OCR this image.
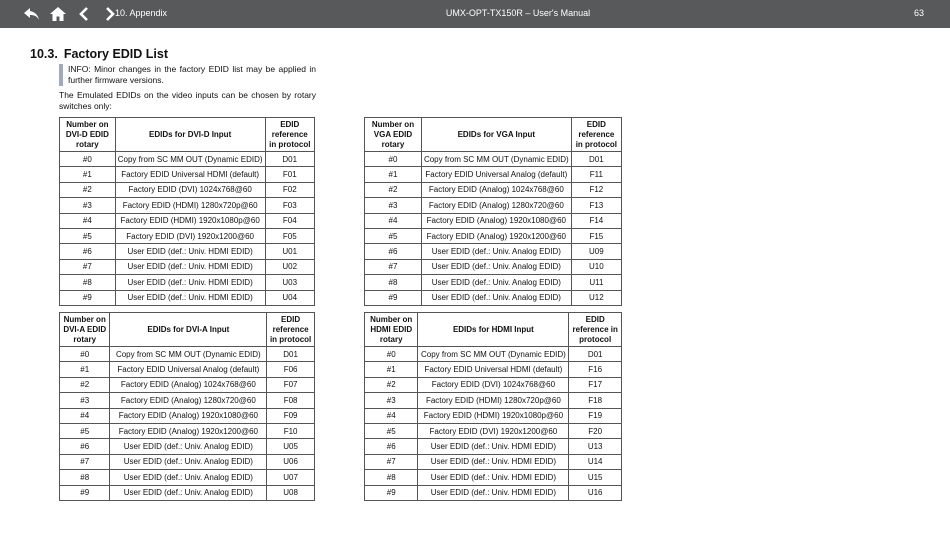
10. Appendix	UMX-OPT-TX150R – User's Manual	63
10.3. Factory EDID List
INFO: Minor changes in the factory EDID list may be applied in further firmware versions.
The Emulated EDIDs on the video inputs can be chosen by rotary switches only:
Number on DVI-D EDID rotary	EDIDs for DVI-D Input	EDID reference in protocol
#0	Copy from SC MM OUT (Dynamic EDID)	D01
#1	Factory EDID Universal HDMI (default)	F01
#2	Factory EDID (DVI) 1024x768@60	F02
#3	Factory EDID (HDMI) 1280x720p@60	F03
#4	Factory EDID (HDMI) 1920x1080p@60	F04
#5	Factory EDID (DVI) 1920x1200@60	F05
#6	User EDID (def.: Univ. HDMI EDID)	U01
#7	User EDID (def.: Univ. HDMI EDID)	U02
#8	User EDID (def.: Univ. HDMI EDID)	U03
#9	User EDID (def.: Univ. HDMI EDID)	U04
Number on VGA EDID rotary	EDIDs for VGA Input	EDID reference in protocol
#0	Copy from SC MM OUT (Dynamic EDID)	D01
#1	Factory EDID Universal Analog (default)	F11
#2	Factory EDID (Analog) 1024x768@60	F12
#3	Factory EDID (Analog) 1280x720@60	F13
#4	Factory EDID (Analog) 1920x1080@60	F14
#5	Factory EDID (Analog) 1920x1200@60	F15
#6	User EDID (def.: Univ. Analog EDID)	U09
#7	User EDID (def.: Univ. Analog EDID)	U10
#8	User EDID (def.: Univ. Analog EDID)	U11
#9	User EDID (def.: Univ. Analog EDID)	U12
Number on DVI-A EDID rotary	EDIDs for DVI-A Input	EDID reference in protocol
#0	Copy from SC MM OUT (Dynamic EDID)	D01
#1	Factory EDID Universal Analog (default)	F06
#2	Factory EDID (Analog) 1024x768@60	F07
#3	Factory EDID (Analog) 1280x720@60	F08
#4	Factory EDID (Analog) 1920x1080@60	F09
#5	Factory EDID (Analog) 1920x1200@60	F10
#6	User EDID (def.: Univ. Analog EDID)	U05
#7	User EDID (def.: Univ. Analog EDID)	U06
#8	User EDID (def.: Univ. Analog EDID)	U07
#9	User EDID (def.: Univ. Analog EDID)	U08
Number on HDMI EDID rotary	EDIDs for HDMI Input	EDID reference in protocol
#0	Copy from SC MM OUT (Dynamic EDID)	D01
#1	Factory EDID Universal HDMI (default)	F16
#2	Factory EDID (DVI) 1024x768@60	F17
#3	Factory EDID (HDMI) 1280x720p@60	F18
#4	Factory EDID (HDMI) 1920x1080p@60	F19
#5	Factory EDID (DVI) 1920x1200@60	F20
#6	User EDID (def.: Univ. HDMI EDID)	U13
#7	User EDID (def.: Univ. HDMI EDID)	U14
#8	User EDID (def.: Univ. HDMI EDID)	U15
#9	User EDID (def.: Univ. HDMI EDID)	U16
